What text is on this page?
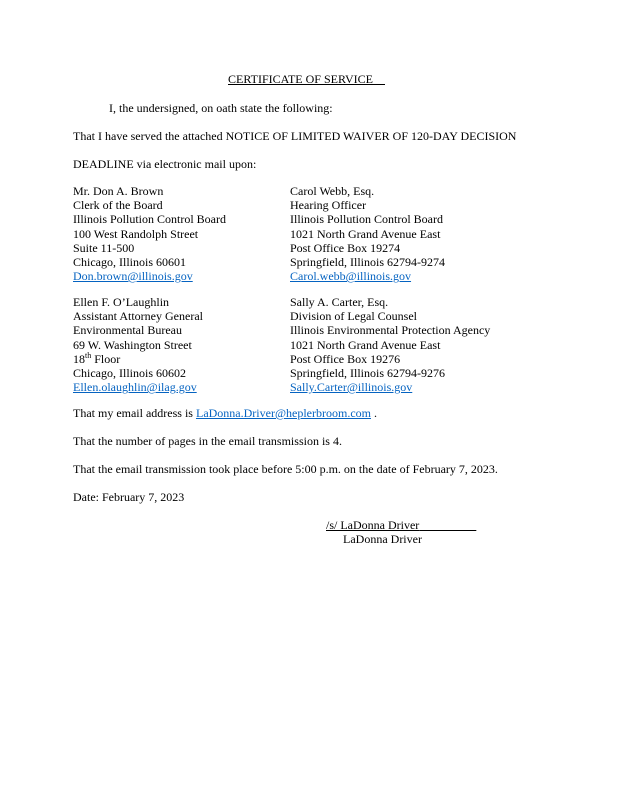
CERTIFICATE OF SERVICE
I, the undersigned, on oath state the following:
That I have served the attached NOTICE OF LIMITED WAIVER OF 120-DAY DECISION
DEADLINE via electronic mail upon:
Mr. Don A. Brown
Clerk of the Board
Illinois Pollution Control Board
100 West Randolph Street
Suite 11-500
Chicago, Illinois 60601
Don.brown@illinois.gov
Carol Webb, Esq.
Hearing Officer
Illinois Pollution Control Board
1021 North Grand Avenue East
Post Office Box 19274
Springfield, Illinois 62794-9274
Carol.webb@illinois.gov
Ellen F. O’Laughlin
Assistant Attorney General
Environmental Bureau
69 W. Washington Street
18th Floor
Chicago, Illinois 60602
Ellen.olaughlin@ilag.gov
Sally A. Carter, Esq.
Division of Legal Counsel
Illinois Environmental Protection Agency
1021 North Grand Avenue East
Post Office Box 19276
Springfield, Illinois 62794-9276
Sally.Carter@illinois.gov
That my email address is LaDonna.Driver@heplerbroom.com .
That the number of pages in the email transmission is 4.
That the email transmission took place before 5:00 p.m. on the date of February 7, 2023.
Date: February 7, 2023
/s/ LaDonna Driver
LaDonna Driver
